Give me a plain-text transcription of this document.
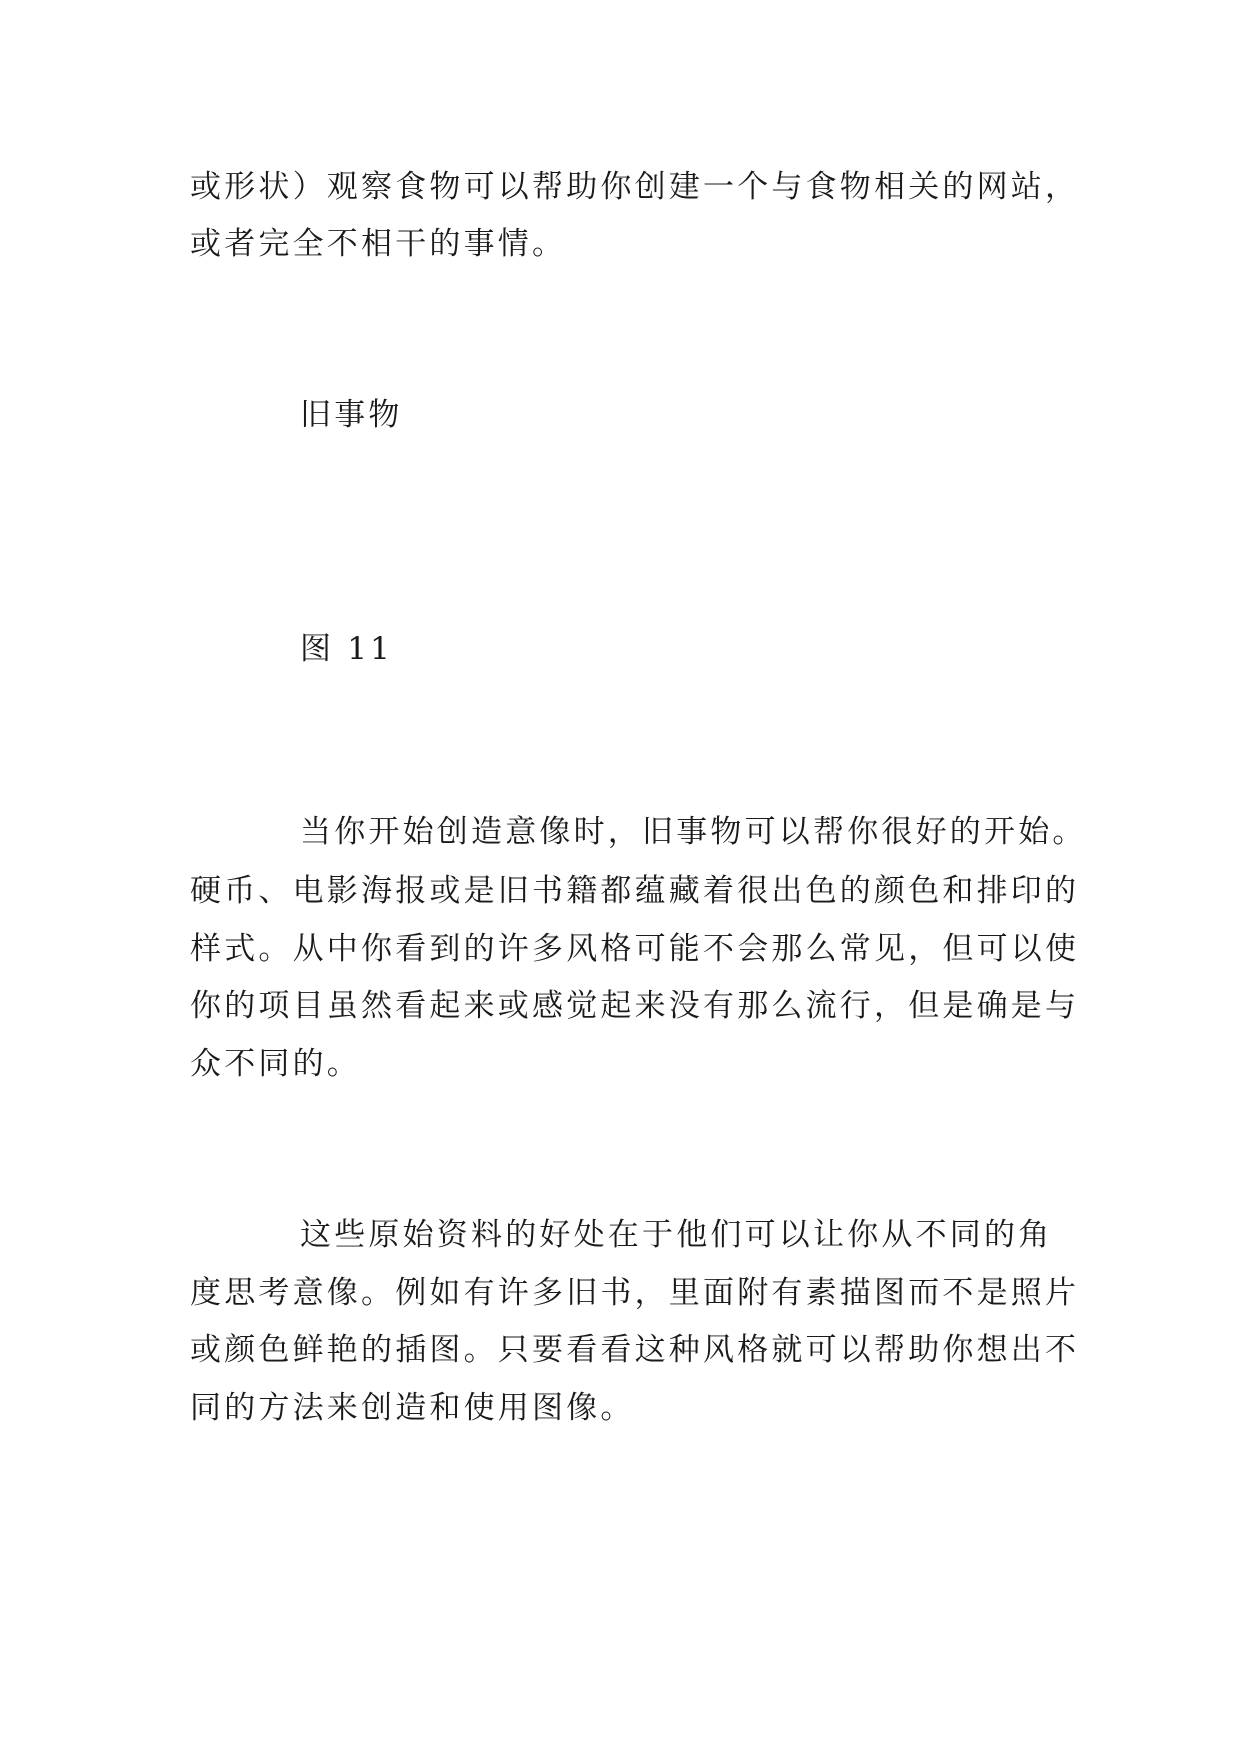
或形状）观察食物可以帮助你创建一个与食物相关的网站，
或者完全不相干的事情。
旧事物
图 11
当你开始创造意像时，旧事物可以帮你很好的开始。
硬币、电影海报或是旧书籍都蕴藏着很出色的颜色和排印的
样式。从中你看到的许多风格可能不会那么常见，但可以使
你的项目虽然看起来或感觉起来没有那么流行，但是确是与
众不同的。
这些原始资料的好处在于他们可以让你从不同的角
度思考意像。例如有许多旧书，里面附有素描图而不是照片
或颜色鲜艳的插图。只要看看这种风格就可以帮助你想出不
同的方法来创造和使用图像。
